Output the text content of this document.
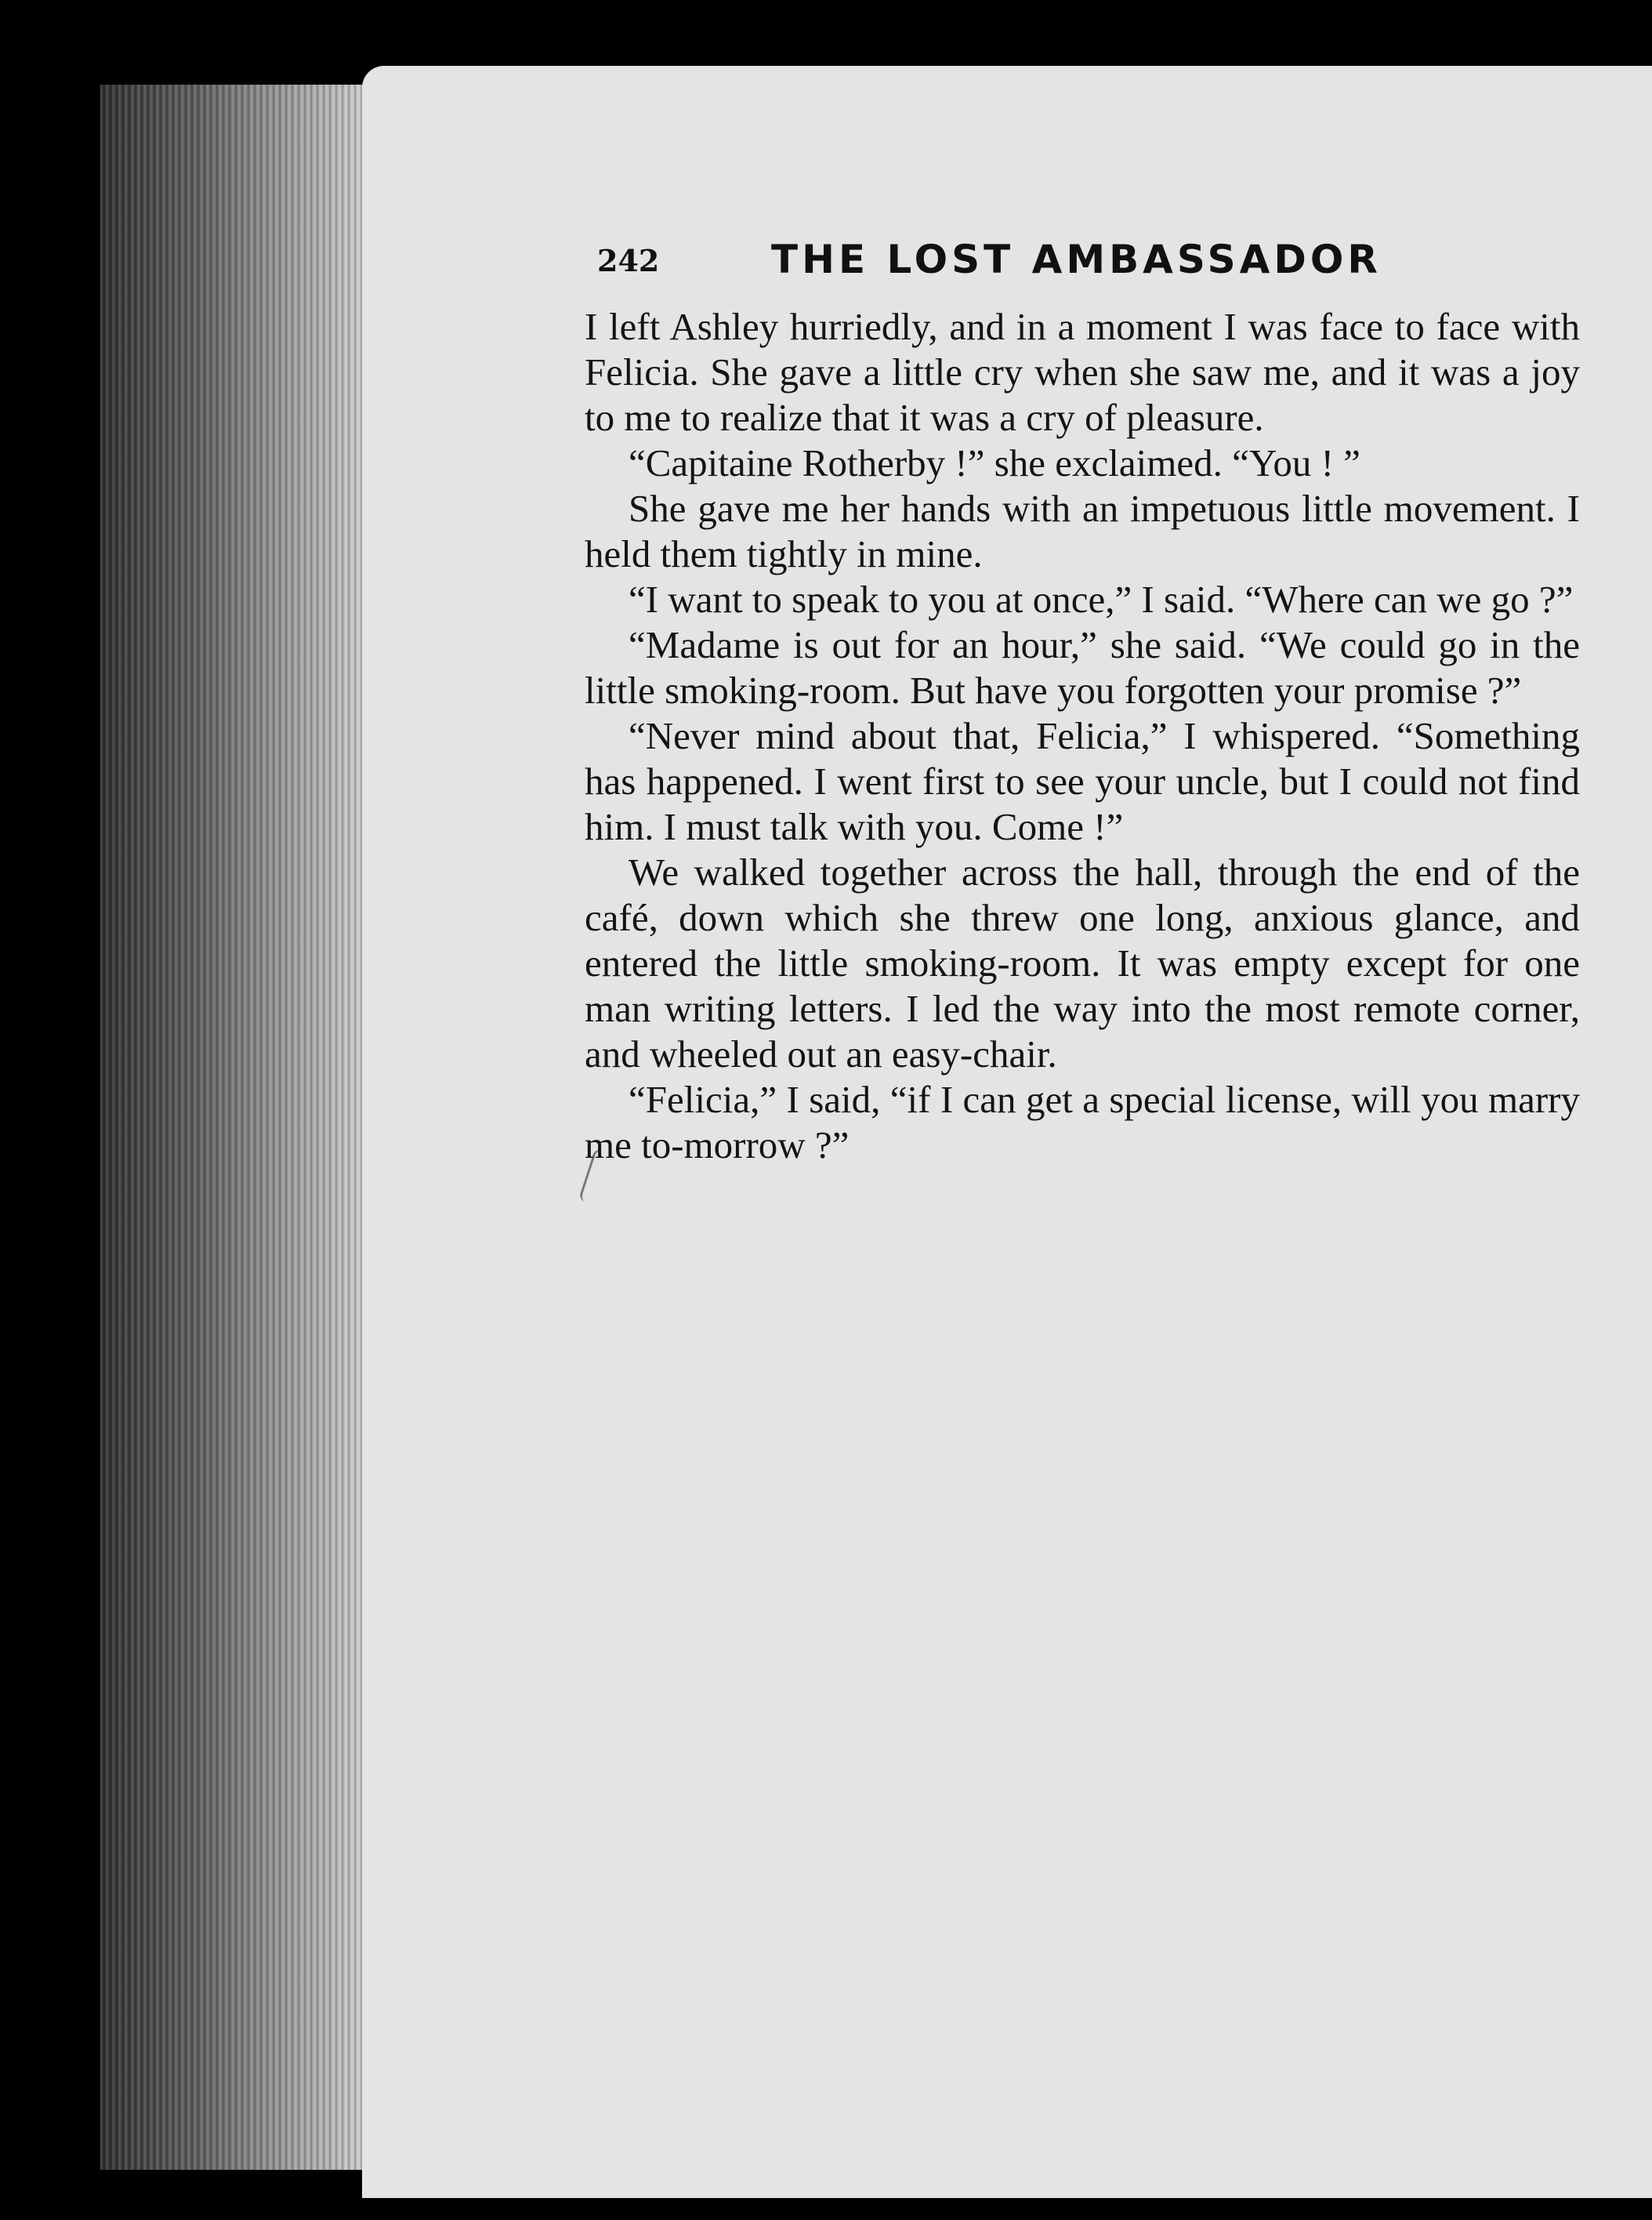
242	THE LOST AMBASSADOR

I left Ashley hurriedly, and in a moment I was face to face with Felicia. She gave a little cry when she saw me, and it was a joy to me to realize that it was a cry of pleasure.

“Capitaine Rotherby !” she exclaimed. “You ! ”

She gave me her hands with an impetuous little movement. I held them tightly in mine.

“I want to speak to you at once,” I said. “Where can we go ?”

“Madame is out for an hour,” she said. “We could go in the little smoking-room. But have you forgotten your promise ?”

“Never mind about that, Felicia,” I whispered. “Something has happened. I went first to see your uncle, but I could not find him. I must talk with you. Come !”

We walked together across the hall, through the end of the café, down which she threw one long, anxious glance, and entered the little smoking-room. It was empty except for one man writing letters. I led the way into the most remote corner, and wheeled out an easy-chair.

“Felicia,” I said, “if I can get a special license, will you marry me to-morrow ?”
